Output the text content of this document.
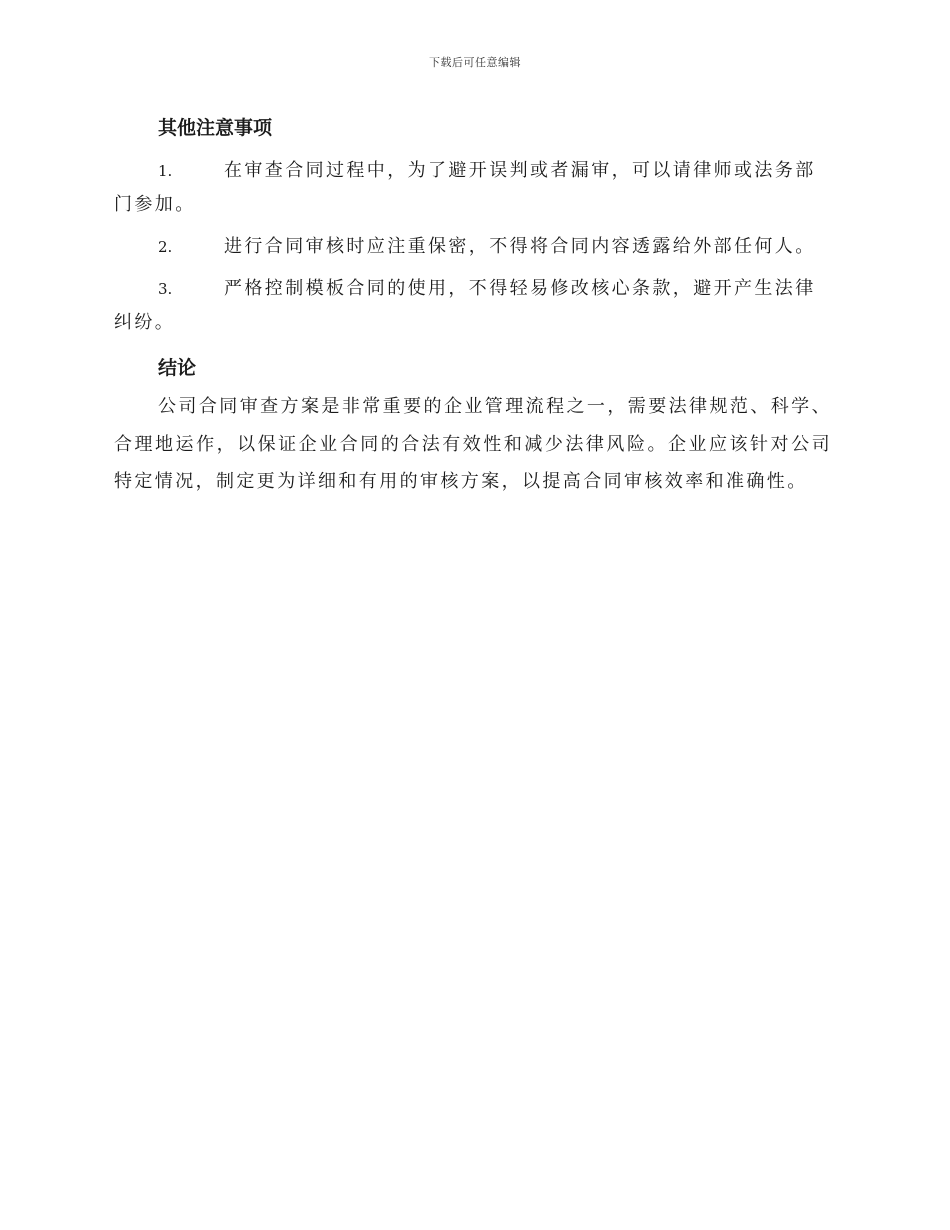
下载后可任意编辑
其他注意事项
1.	在审查合同过程中，为了避开误判或者漏审，可以请律师或法务部门参加。
2.	进行合同审核时应注重保密，不得将合同内容透露给外部任何人。
3.	严格控制模板合同的使用，不得轻易修改核心条款，避开产生法律纠纷。
结论

公司合同审查方案是非常重要的企业管理流程之一，需要法律规范、科学、合理地运作，以保证企业合同的合法有效性和减少法律风险。企业应该针对公司特定情况，制定更为详细和有用的审核方案，以提高合同审核效率和准确性。
